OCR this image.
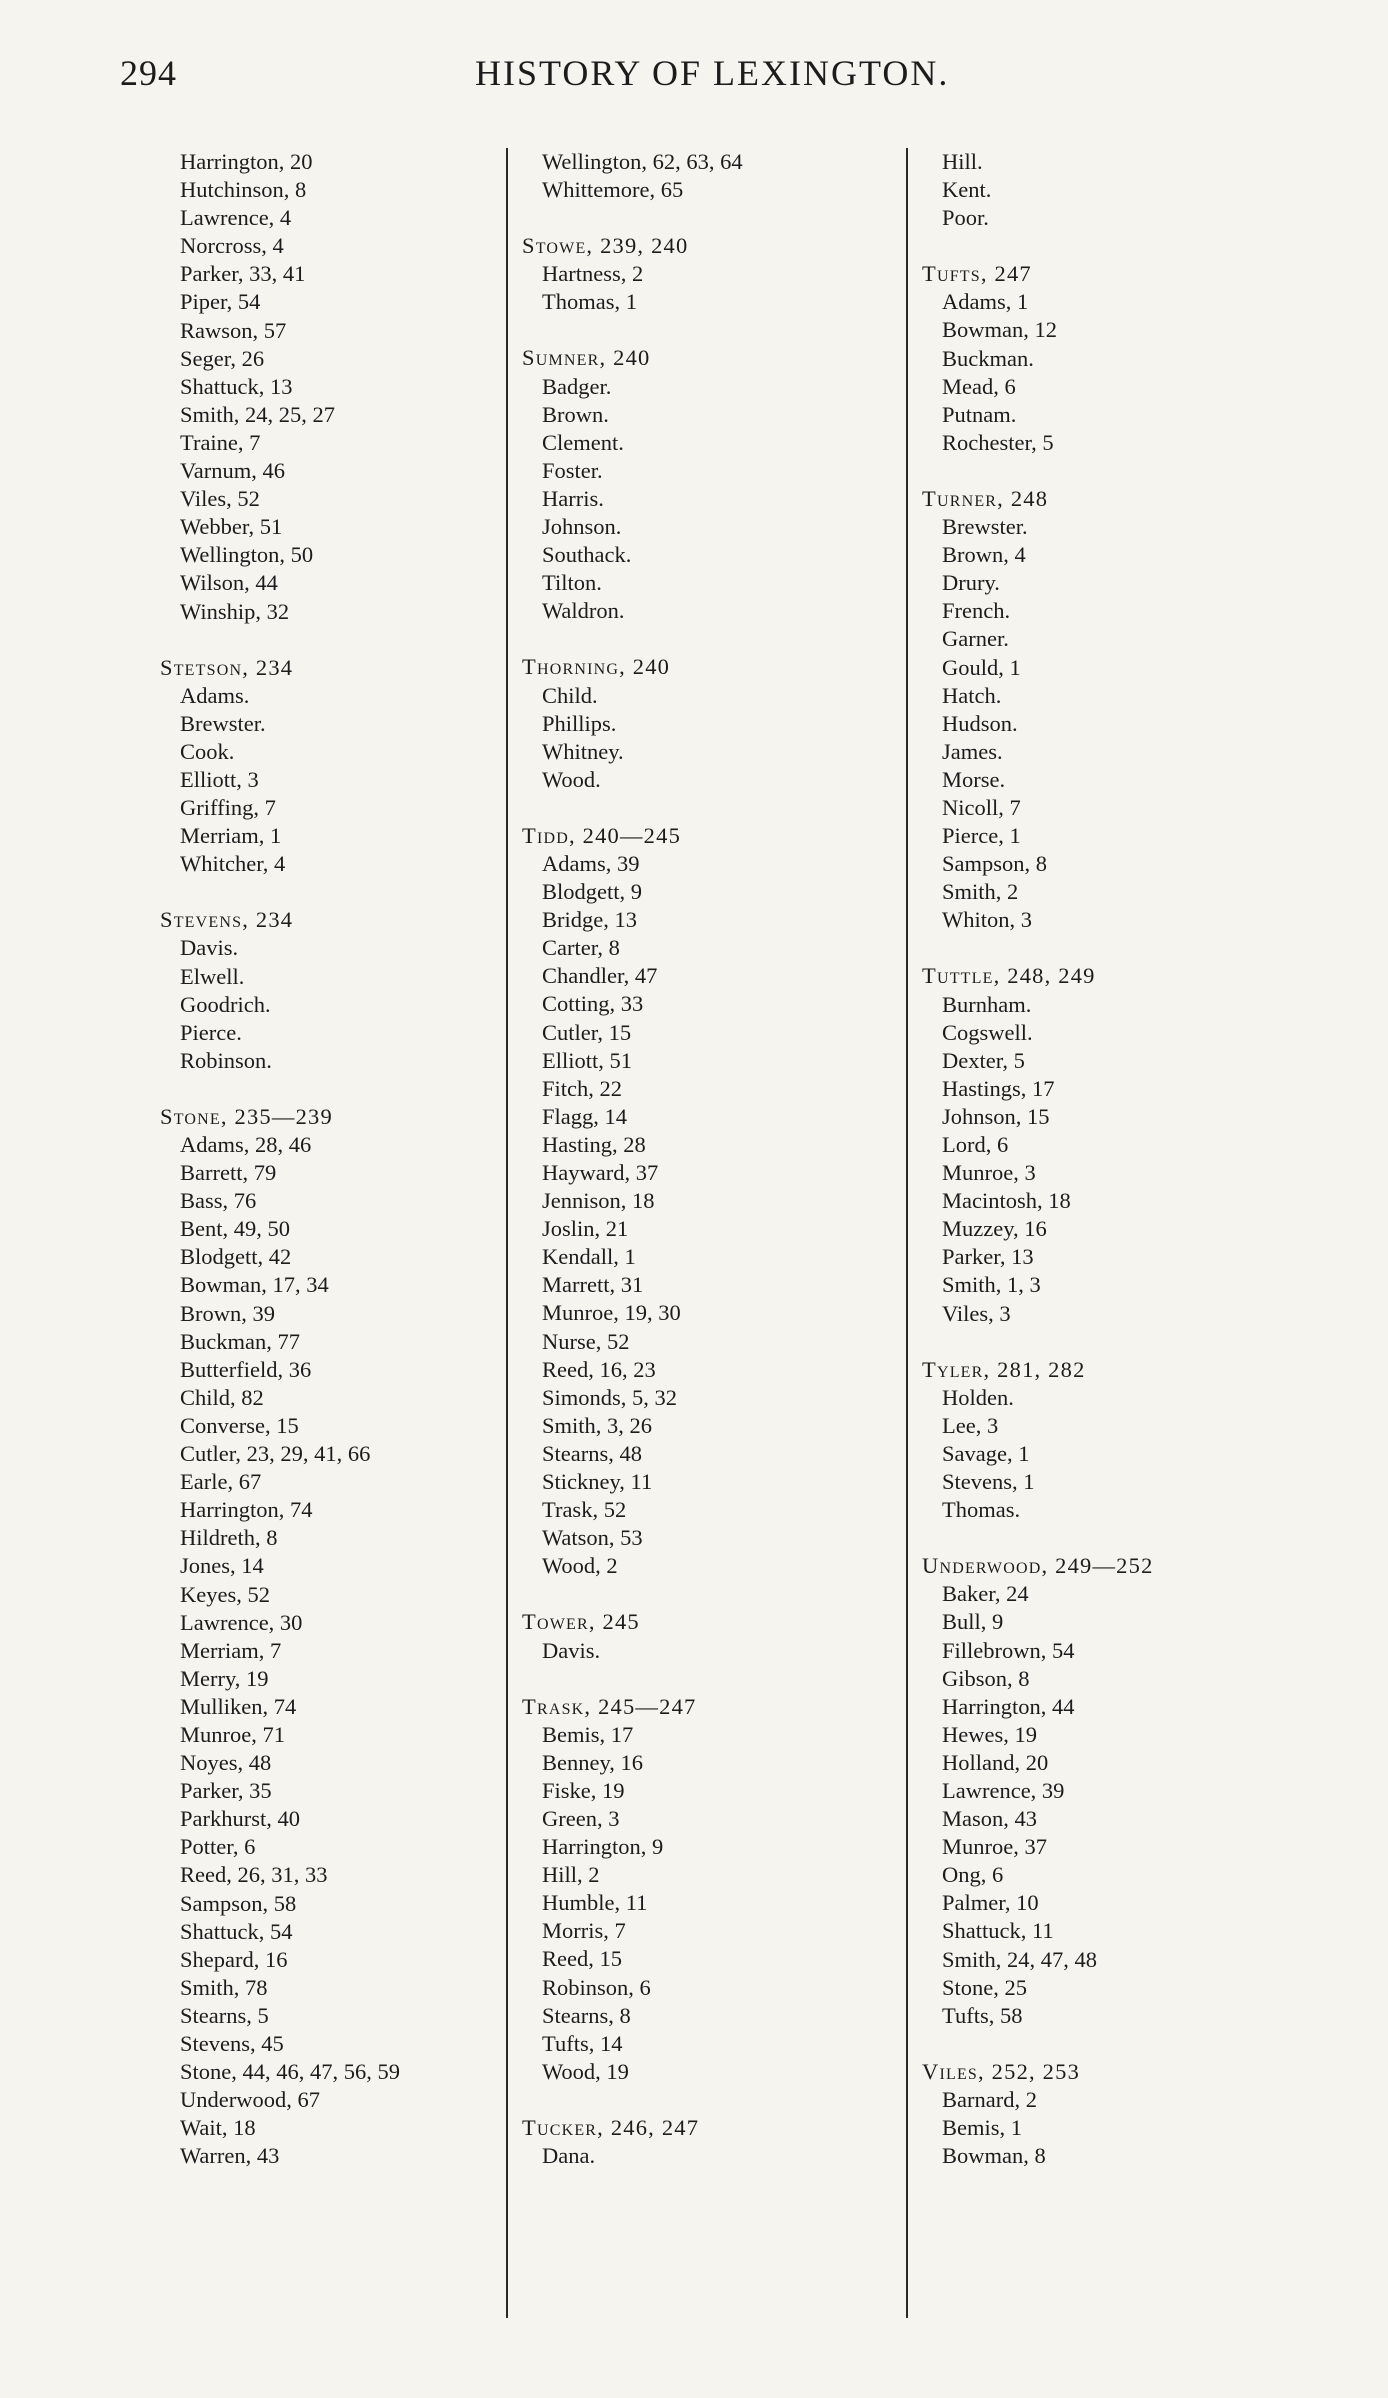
294	HISTORY OF LEXINGTON.
Harrington, 20
Hutchinson, 8
Lawrence, 4
Norcross, 4
Parker, 33, 41
Piper, 54
Rawson, 57
Seger, 26
Shattuck, 13
Smith, 24, 25, 27
Traine, 7
Varnum, 46
Viles, 52
Webber, 51
Wellington, 50
Wilson, 44
Winship, 32
Stetson, 234
Adams.
Brewster.
Cook.
Elliott, 3
Griffing, 7
Merriam, 1
Whitcher, 4
Stevens, 234
Davis.
Elwell.
Goodrich.
Pierce.
Robinson.
Stone, 235—239
Adams, 28, 46
Barrett, 79
Bass, 76
Bent, 49, 50
Blodgett, 42
Bowman, 17, 34
Brown, 39
Buckman, 77
Butterfield, 36
Child, 82
Converse, 15
Cutler, 23, 29, 41, 66
Earle, 67
Harrington, 74
Hildreth, 8
Jones, 14
Keyes, 52
Lawrence, 30
Merriam, 7
Merry, 19
Mulliken, 74
Munroe, 71
Noyes, 48
Parker, 35
Parkhurst, 40
Potter, 6
Reed, 26, 31, 33
Sampson, 58
Shattuck, 54
Shepard, 16
Smith, 78
Stearns, 5
Stevens, 45
Stone, 44, 46, 47, 56, 59
Underwood, 67
Wait, 18
Warren, 43
Wellington, 62, 63, 64
Whittemore, 65
Stowe, 239, 240
Hartness, 2
Thomas, 1
Sumner, 240
Badger.
Brown.
Clement.
Foster.
Harris.
Johnson.
Southack.
Tilton.
Waldron.
Thorning, 240
Child.
Phillips.
Whitney.
Wood.
Tidd, 240—245
Adams, 39
Blodgett, 9
Bridge, 13
Carter, 8
Chandler, 47
Cotting, 33
Cutler, 15
Elliott, 51
Fitch, 22
Flagg, 14
Hasting, 28
Hayward, 37
Jennison, 18
Joslin, 21
Kendall, 1
Marrett, 31
Munroe, 19, 30
Nurse, 52
Reed, 16, 23
Simonds, 5, 32
Smith, 3, 26
Stearns, 48
Stickney, 11
Trask, 52
Watson, 53
Wood, 2
Tower, 245
Davis.
Trask, 245—247
Bemis, 17
Benney, 16
Fiske, 19
Green, 3
Harrington, 9
Hill, 2
Humble, 11
Morris, 7
Reed, 15
Robinson, 6
Stearns, 8
Tufts, 14
Wood, 19
Tucker, 246, 247
Dana.
Hill.
Kent.
Poor.
Tufts, 247
Adams, 1
Bowman, 12
Buckman.
Mead, 6
Putnam.
Rochester, 5
Turner, 248
Brewster.
Brown, 4
Drury.
French.
Garner.
Gould, 1
Hatch.
Hudson.
James.
Morse.
Nicoll, 7
Pierce, 1
Sampson, 8
Smith, 2
Whiton, 3
Tuttle, 248, 249
Burnham.
Cogswell.
Dexter, 5
Hastings, 17
Johnson, 15
Lord, 6
Munroe, 3
Macintosh, 18
Muzzey, 16
Parker, 13
Smith, 1, 3
Viles, 3
Tyler, 281, 282
Holden.
Lee, 3
Savage, 1
Stevens, 1
Thomas.
Underwood, 249—252
Baker, 24
Bull, 9
Fillebrown, 54
Gibson, 8
Harrington, 44
Hewes, 19
Holland, 20
Lawrence, 39
Mason, 43
Munroe, 37
Ong, 6
Palmer, 10
Shattuck, 11
Smith, 24, 47, 48
Stone, 25
Tufts, 58
Viles, 252, 253
Barnard, 2
Bemis, 1
Bowman, 8
